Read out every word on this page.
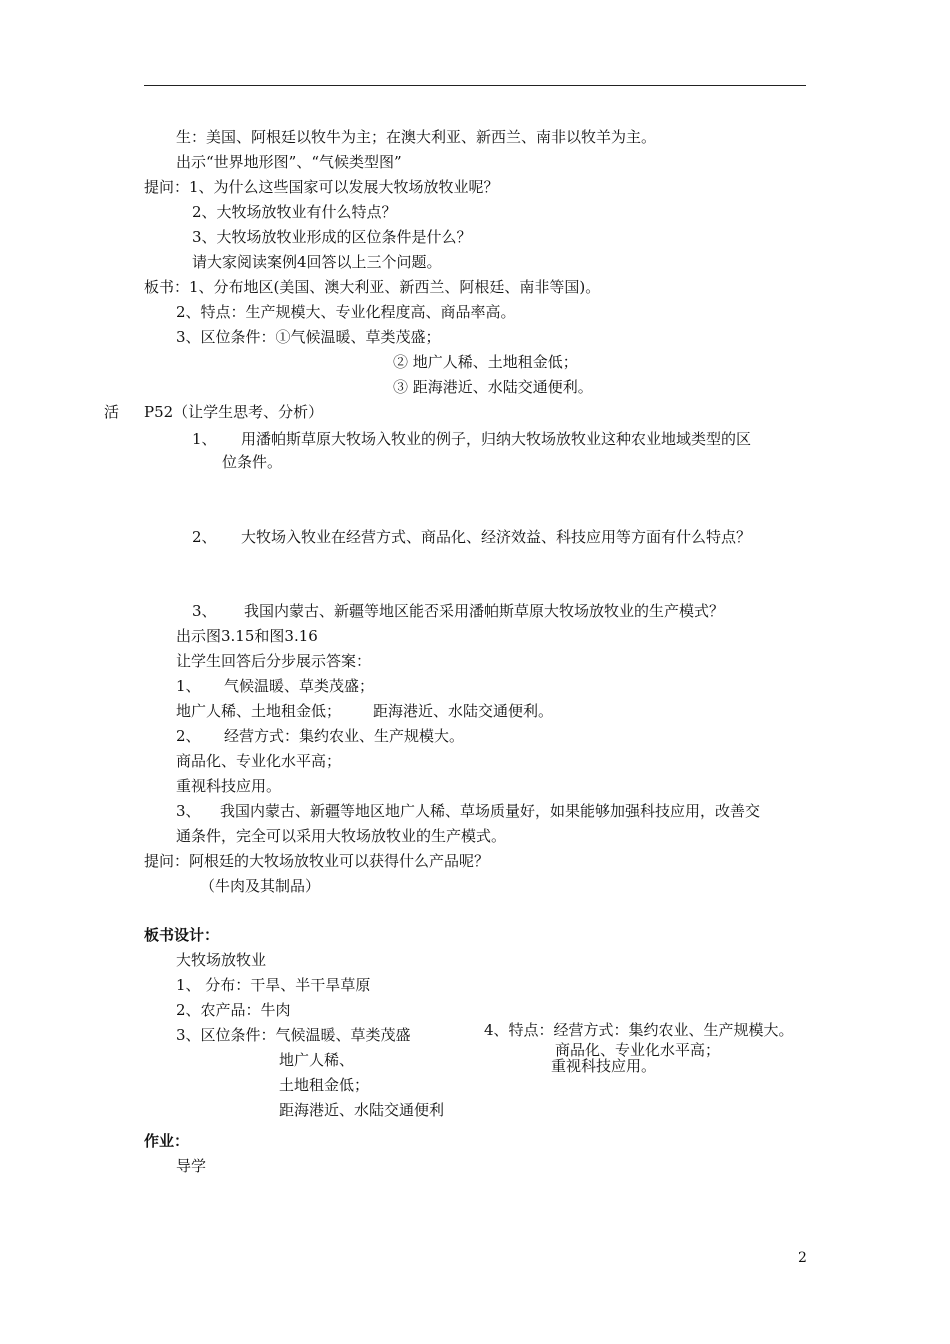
生：美国、阿根廷以牧牛为主；在澳大利亚、新西兰、南非以牧羊为主。
出示“世界地形图”、“气候类型图”
提问：1、为什么这些国家可以发展大牧场放牧业呢？
2、大牧场放牧业有什么特点？
3、大牧场放牧业形成的区位条件是什么？
请大家阅读案例4回答以上三个问题。
板书：1、分布地区(美国、澳大利亚、新西兰、阿根廷、南非等国)。
2、特点：生产规模大、专业化程度高、商品率高。
3、区位条件：①气候温暖、草类茂盛；
② 地广人稀、土地租金低；
③ 距海港近、水陆交通便利。
活 P52（让学生思考、分析）
1、 用潘帕斯草原大牧场入牧业的例子，归纳大牧场放牧业这种农业地域类型的区
位条件。
2、 大牧场入牧业在经营方式、商品化、经济效益、科技应用等方面有什么特点？
3、 我国内蒙古、新疆等地区能否采用潘帕斯草原大牧场放牧业的生产模式？
出示图3.15和图3.16
让学生回答后分步展示答案：
1、 气候温暖、草类茂盛；
地广人稀、土地租金低； 距海港近、水陆交通便利。
2、 经营方式：集约农业、生产规模大。
商品化、专业化水平高；
重视科技应用。
3、 我国内蒙古、新疆等地区地广人稀、草场质量好，如果能够加强科技应用，改善交
通条件，完全可以采用大牧场放牧业的生产模式。
提问：阿根廷的大牧场放牧业可以获得什么产品呢？
（牛肉及其制品）
板书设计：
大牧场放牧业
1、 分布：干旱、半干旱草原
2、农产品：牛肉
3、区位条件：气候温暖、草类茂盛
地广人稀、
土地租金低；
距海港近、水陆交通便利
4、特点：经营方式：集约农业、生产规模大。
商品化、专业化水平高；
重视科技应用。
作业：
导学
2
